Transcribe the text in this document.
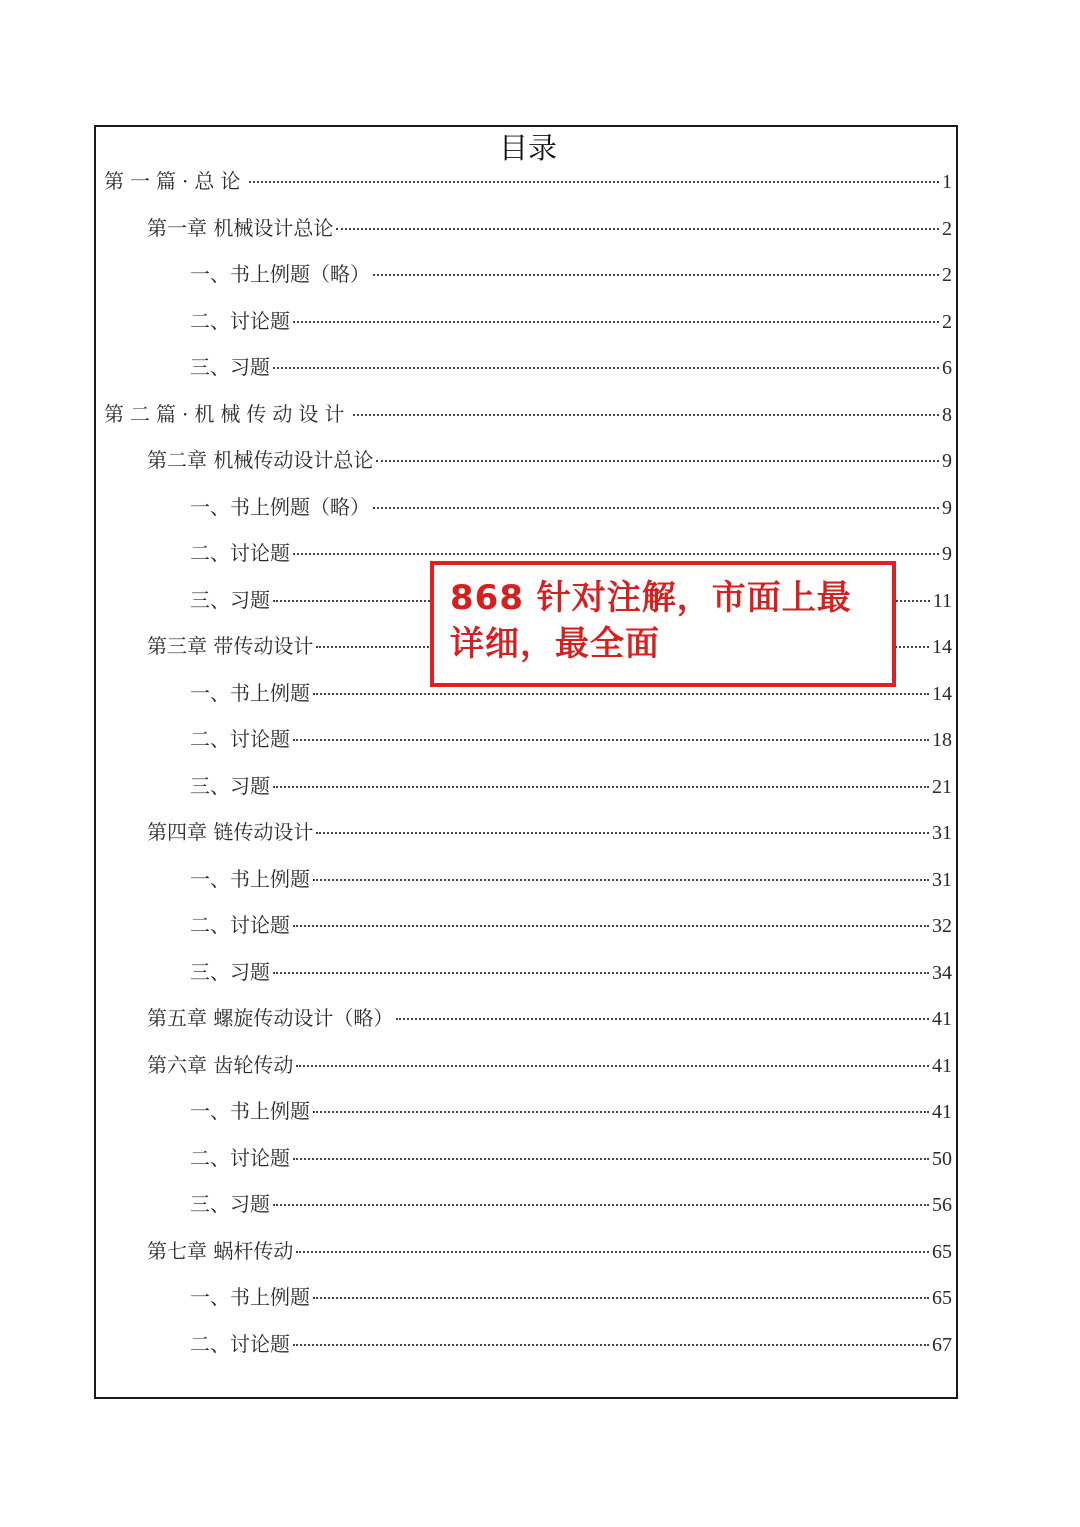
目录
第一篇·总论	1
第一章 机械设计总论	2
一、书上例题（略）	2
二、讨论题	2
三、习题	6
第二篇·机械传动设计	8
第二章 机械传动设计总论	9
一、书上例题（略）	9
二、讨论题	9
三、习题	11
第三章 带传动设计	14
一、书上例题	14
二、讨论题	18
三、习题	21
第四章 链传动设计	31
一、书上例题	31
二、讨论题	32
三、习题	34
第五章 螺旋传动设计（略）	41
第六章 齿轮传动	41
一、书上例题	41
二、讨论题	50
三、习题	56
第七章 蜗杆传动	65
一、书上例题	65
二、讨论题	67
868 针对注解，市面上最
详细，最全面
